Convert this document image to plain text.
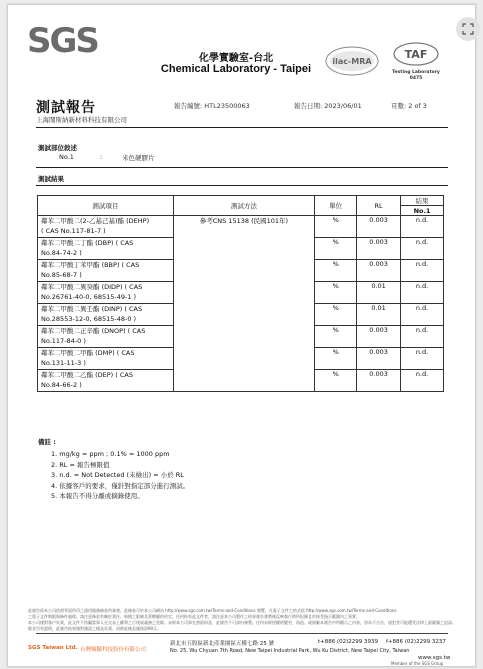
SGS	化學實驗室-台北
Chemical Laboratory - Taipei
ilac-MRA
TAF
Testing Laboratory
0475
測試報告
上海鬧斯納新材料科技有限公司
報告編號: HTL23500063	報告日期: 2023/06/01	頁數: 2 of 3
測試部位敘述
No.1	:	米色硬膠片
測試結果
測試項目	測試方法	單位	RL	結果
				No.1

鄰苯二甲酸二(2-乙基己基)酯 (DEHP)
( CAS No.117-81-7 )	參考CNS 15138 (民國101年)	%	0.003	n.d.

鄰苯二甲酸二丁酯 (DBP) ( CAS
No.84-74-2 )		%	0.003	n.d.

鄰苯二甲酸丁苯甲酯 (BBP) ( CAS
No.85-68-7 )		%	0.003	n.d.

鄰苯二甲酸二異癸酯 (DIDP) ( CAS
No.26761-40-0, 68515-49-1 )		%	0.01	n.d.

鄰苯二甲酸二異壬酯 (DINP) ( CAS
No.28553-12-0, 68515-48-0 )		%	0.01	n.d.

鄰苯二甲酸二正辛酯 (DNOP) ( CAS
No.117-84-0 )		%	0.003	n.d.

鄰苯二甲酸二甲酯 (DMP) ( CAS
No.131-11-3 )		%	0.003	n.d.

鄰苯二甲酸二乙酯 (DEP) ( CAS
No.84-66-2 )		%	0.003	n.d.
備註 :
1. mg/kg = ppm ; 0.1% = 1000 ppm
2. RL = 報告極限值
3. n.d. = Not Detected (未檢出) = 小於 RL
4. 依據客戶的要求，僅針對指定部分進行測試。
5. 本報告不得分離或摘錄使用。
此報告係本公司依照背面所印之通用服務條款所簽發，此條款可於本公司網站 http://www.sgs.com.tw/Terms-and-Conditions 閱覽，凡電子文件之格式依 http://www.sgs.com.tw/Terms-and-Conditions
之電子文件期限與條件處理。請注意條款有關於責任、賠償之限制及管轄權的約定。任何持有此文件者，請注意本公司製作之結果報告書將僅反映執行時所紀錄且於接受指示範圍內之事實。
本公司僅對客戶負責，此文件不妨礙當事人在交易上權利之行使或義務之免除。未經本公司事先書面同意，此報告不可部份複製。任何未經授權的變更、偽造、或曲解本報告中所顯示之內容，皆為不合法，違犯者可能遭受法律上最嚴厲之追訴。
除非另有說明，此報告結果僅對測試之樣品負責，同時此樣品僅保留90天。
新北市五股區新北產業園區五權七路 25 號	t+886 (02)2299 3939 f+886 (02)2299 3237
No. 25, Wu Chyuan 7th Road, New Taipei Industrial Park, Wu Ku District, New Taipei City, Taiwan
www.sgs.tw
SGS Taiwan Ltd. 台灣檢驗科技股份有限公司
Member of the SGS Group
